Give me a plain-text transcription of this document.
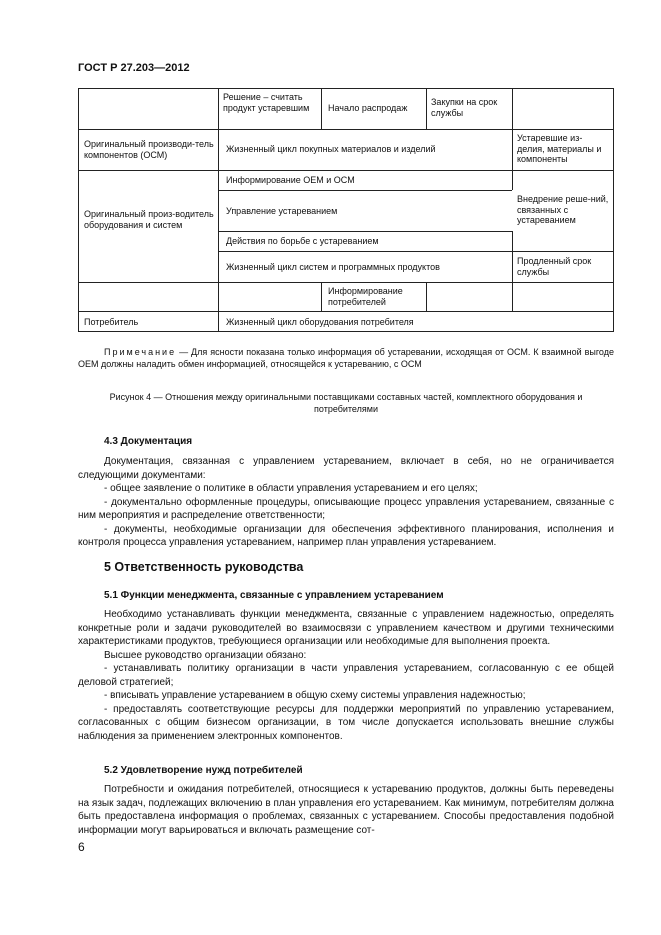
ГОСТ Р 27.203—2012
Решение – считать продукт устаревшим	Начало распродаж
Закупки на срок службы
Оригинальный производи-тель компонентов (ОСМ)
Жизненный цикл покупных материалов и изделий
Устаревшие из-делия, материалы и компоненты
Оригинальный произ-водитель оборудования и систем
Информирование ОЕМ и ОСМ
Управление устареванием
Внедрение реше-ний, связанных с устареванием
Действия по борьбе с устареванием
Жизненный цикл систем и программных продуктов
Продленный срок службы
Информирование потребителей
Потребитель	Жизненный цикл оборудования потребителя
Примечание — Для ясности показана только информация об устаревании, исходящая от ОСМ. К взаимной выгоде ОЕМ должны наладить обмен информацией, относящейся к устареванию, с ОСМ
Рисунок 4 — Отношения между оригинальными поставщиками составных частей, комплектного оборудования и потребителями
4.3 Документация

Документация, связанная с управлением устареванием, включает в себя, но не ограничивается следующими документами:

- общее заявление о политике в области управления устареванием и его целях;

- документально оформленные процедуры, описывающие процесс управления устареванием, связанные с ним мероприятия и распределение ответственности;

- документы, необходимые организации для обеспечения эффективного планирования, исполнения и контроля процесса управления устареванием, например план управления устареванием.

5 Ответственность руководства
5.1 Функции менеджмента, связанные с управлением устареванием

Необходимо устанавливать функции менеджмента, связанные с управлением надежностью, определять конкретные роли и задачи руководителей во взаимосвязи с управлением качеством и другими техническими характеристиками продуктов, требующиеся организации или необходимые для выполнения проекта.

Высшее руководство организации обязано:

- устанавливать политику организации в части управления устареванием, согласованную с ее общей деловой стратегией;

- вписывать управление устареванием в общую схему системы управления надежностью;

- предоставлять соответствующие ресурсы для поддержки мероприятий по управлению устареванием, согласованных с общим бизнесом организации, в том числе допускается использовать внешние службы наблюдения за применением электронных компонентов.

5.2 Удовлетворение нужд потребителей

Потребности и ожидания потребителей, относящиеся к устареванию продуктов, должны быть переведены на язык задач, подлежащих включению в план управления его устареванием. Как минимум, потребителям должна быть предоставлена информация о проблемах, связанных с устареванием. Способы предоставления подобной информации могут варьироваться и включать размещение сот-

6
